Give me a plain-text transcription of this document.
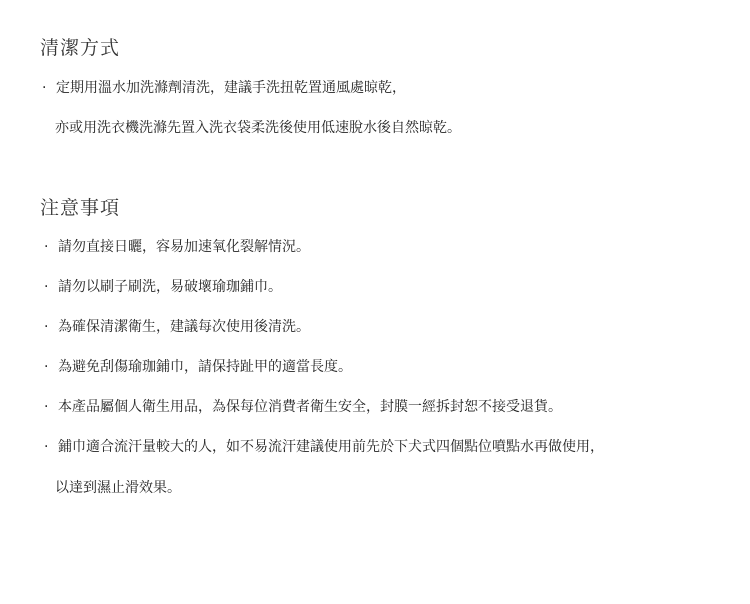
清潔方式
· 定期用溫水加洗滌劑清洗，建議手洗扭乾置通風處晾乾，
亦或用洗衣機洗滌先置入洗衣袋柔洗後使用低速脫水後自然晾乾。
注意事項
· 請勿直接日曬，容易加速氧化裂解情況。
· 請勿以刷子刷洗，易破壞瑜珈鋪巾。
· 為確保清潔衛生，建議每次使用後清洗。
· 為避免刮傷瑜珈鋪巾，請保持趾甲的適當長度。
· 本產品屬個人衛生用品，為保每位消費者衛生安全，封膜一經拆封恕不接受退貨。
· 鋪巾適合流汗量較大的人，如不易流汗建議使用前先於下犬式四個點位噴點水再做使用，
以達到濕止滑效果。
